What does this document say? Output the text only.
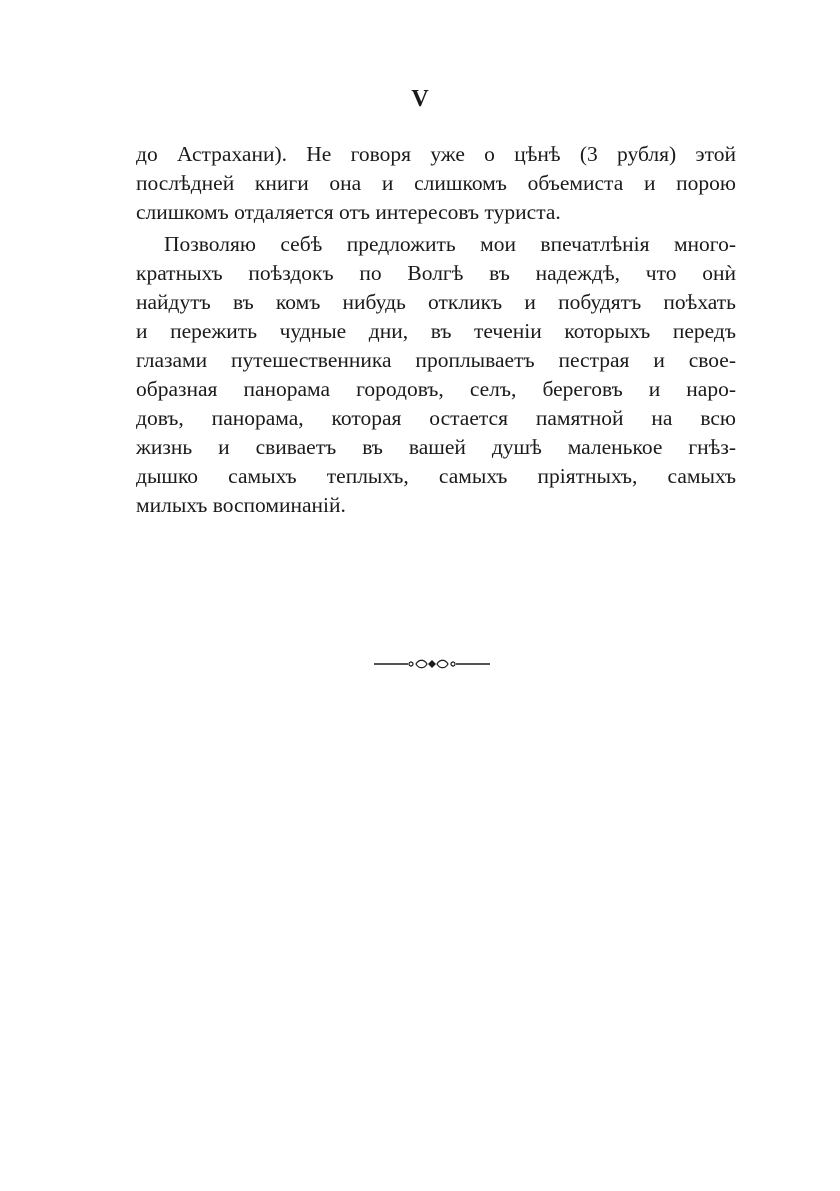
V
до Астрахани). Не говоря уже о цѣнѣ (3 рубля) этой
послѣдней книги она и слишкомъ объемиста и порою
слишкомъ отдаляется отъ интересовъ туриста.
Позволяю себѣ предложить мои впечатлѣнія много-
кратныхъ поѣздокъ по Волгѣ въ надеждѣ, что онѝ
найдутъ въ комъ нибудь откликъ и побудятъ поѣхать
и пережить чудные дни, въ теченіи которыхъ передъ
глазами путешественника проплываетъ пестрая и свое-
образная панорама городовъ, селъ, береговъ и наро-
довъ, панорама, которая остается памятной на всю
жизнь и свиваетъ въ вашей душѣ маленькое гнѣз-
дышко самыхъ теплыхъ, самыхъ пріятныхъ, самыхъ
милыхъ воспоминаній.
